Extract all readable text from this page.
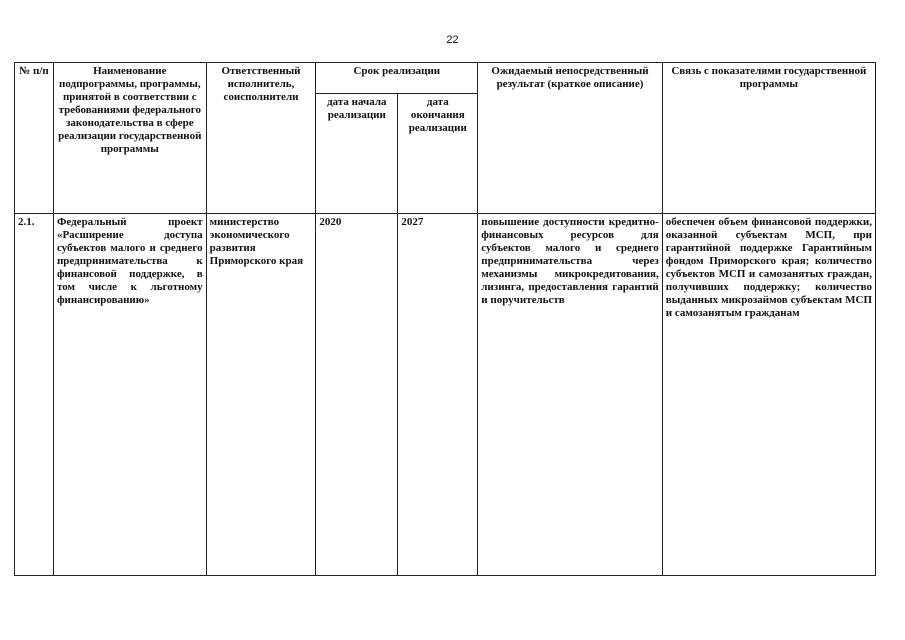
22
№ п/п	Наименование подпрограммы, программы, принятой в соответствии с требованиями федерального законодательства в сфере реализации государственной программы	Ответственный исполнитель, соисполнители	Срок реализации		Ожидаемый непосредственный результат (краткое описание)	Связь с показателями государственной программы
			дата начала реализации	дата окончания реализации		
2.1.	Федеральный проект «Расширение доступа субъектов малого и среднего предпринимательства к финансовой поддержке, в том числе к льготному финансированию»	министерство экономического развития Приморского края	2020	2027	повышение доступности кредитно-финансовых ресурсов для субъектов малого и среднего предпринимательства через механизмы микрокредитования, лизинга, предоставления гарантий и поручительств	обеспечен объем финансовой поддержки, оказанной субъектам МСП, при гарантийной поддержке Гарантийным фондом Приморского края; количество субъектов МСП и самозанятых граждан, получивших поддержку; количество выданных микрозаймов субъектам МСП и самозанятым гражданам
